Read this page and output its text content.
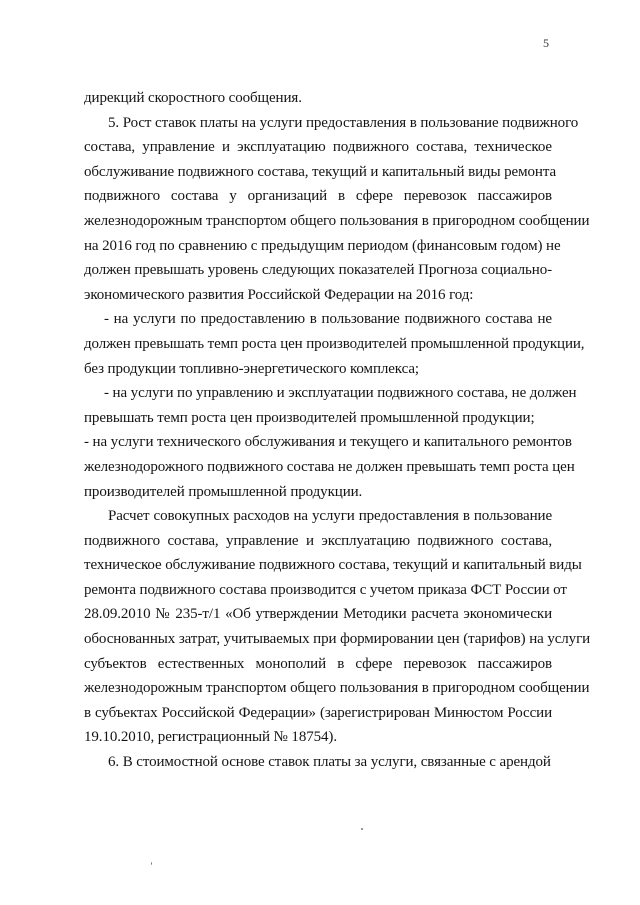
5
дирекций скоростного сообщения.
5. Рост ставок платы на услуги предоставления в пользование подвижного
состава, управление и эксплуатацию подвижного состава, техническое
обслуживание подвижного состава, текущий и капитальный виды ремонта
подвижного состава у организаций в сфере перевозок пассажиров
железнодорожным транспортом общего пользования в пригородном сообщении
на 2016 год по сравнению с предыдущим периодом (финансовым годом) не
должен превышать уровень следующих показателей Прогноза социально-
экономического развития Российской Федерации на 2016 год:
- на услуги по предоставлению в пользование подвижного состава не
должен превышать темп роста цен производителей промышленной продукции,
без продукции топливно-энергетического комплекса;
- на услуги по управлению и эксплуатации подвижного состава, не должен
превышать темп роста цен производителей промышленной продукции;
- на услуги технического обслуживания и текущего и капитального ремонтов
железнодорожного подвижного состава не должен превышать темп роста цен
производителей промышленной продукции.
Расчет совокупных расходов на услуги предоставления в пользование
подвижного состава, управление и эксплуатацию подвижного состава,
техническое обслуживание подвижного состава, текущий и капитальный виды
ремонта подвижного состава производится с учетом приказа ФСТ России от
28.09.2010 № 235-т/1 «Об утверждении Методики расчета экономически
обоснованных затрат, учитываемых при формировании цен (тарифов) на услуги
субъектов естественных монополий в сфере перевозок пассажиров
железнодорожным транспортом общего пользования в пригородном сообщении
в субъектах Российской Федерации» (зарегистрирован Минюстом России
19.10.2010, регистрационный № 18754).
6. В стоимостной основе ставок платы за услуги, связанные с арендой
